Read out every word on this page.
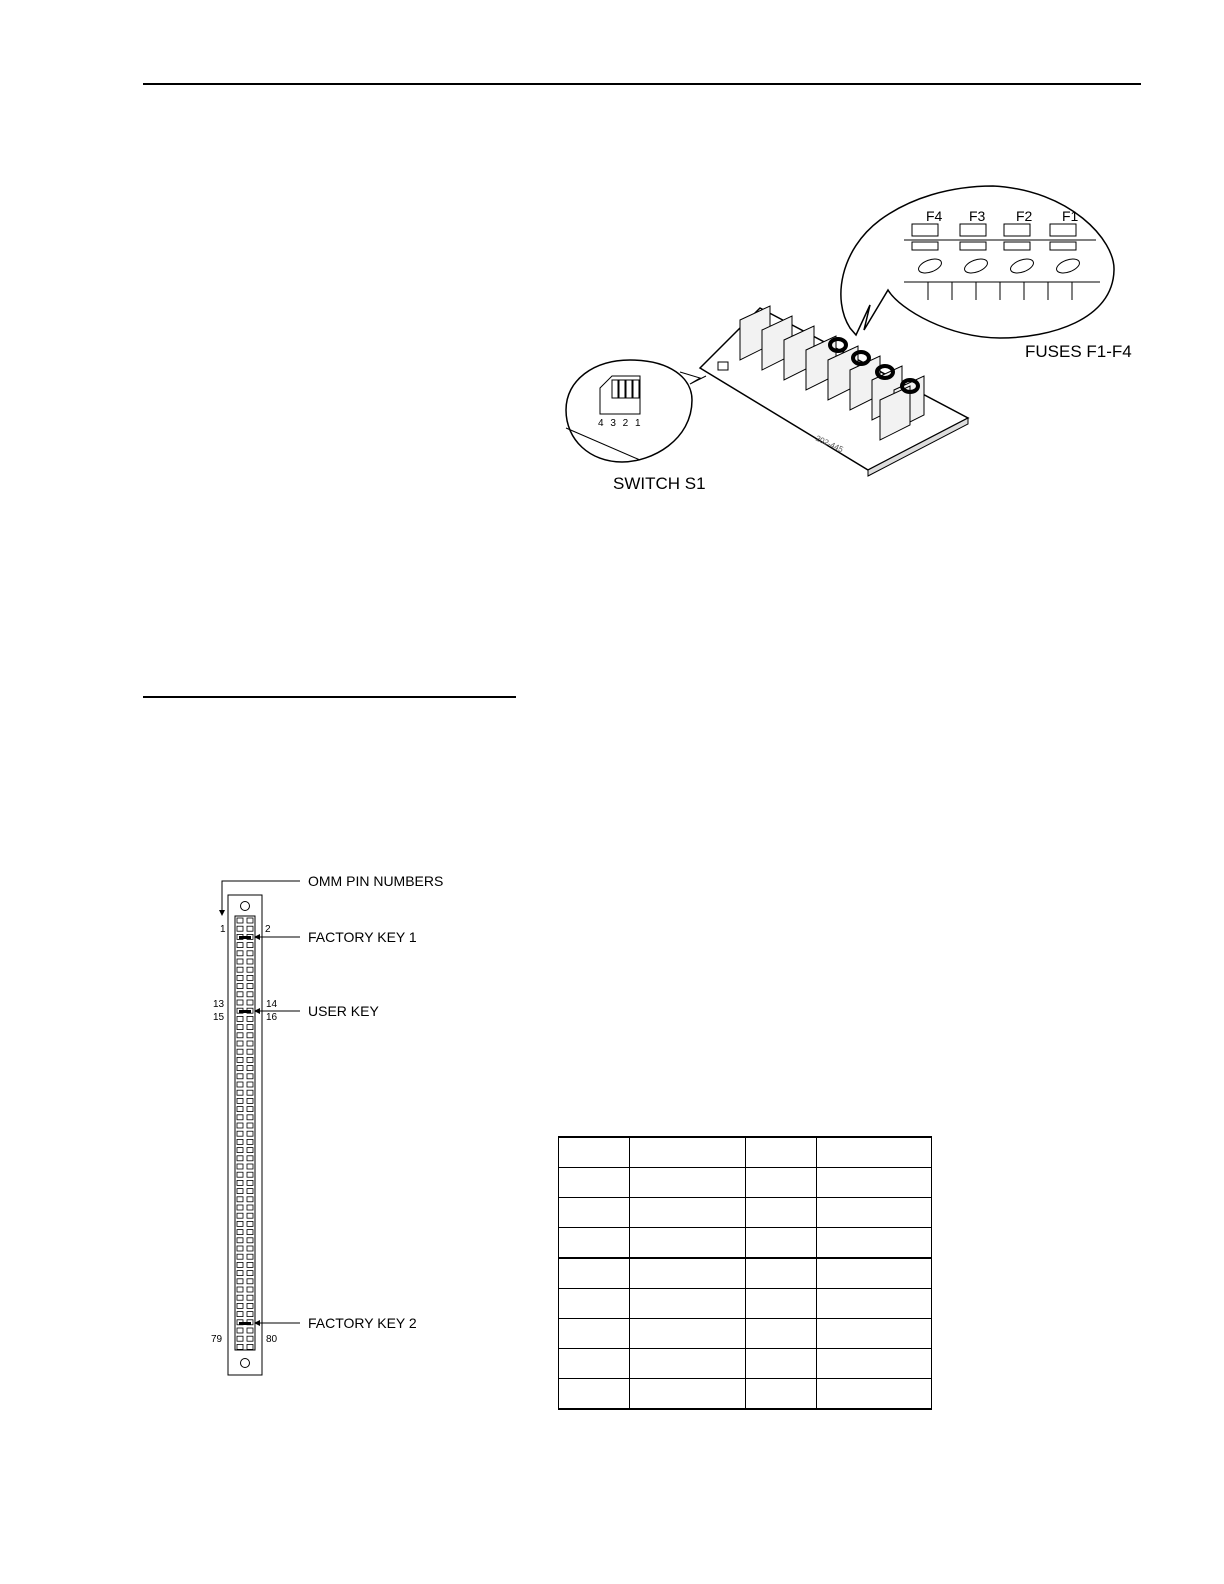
202-445
F4 F3 F2 F1
FUSES F1-F4
4 3 2 1
SWITCH S1
OMM PIN NUMBERS
FACTORY KEY 1
USER KEY
FACTORY KEY 2
1	2
13	14
15	16
79	80
